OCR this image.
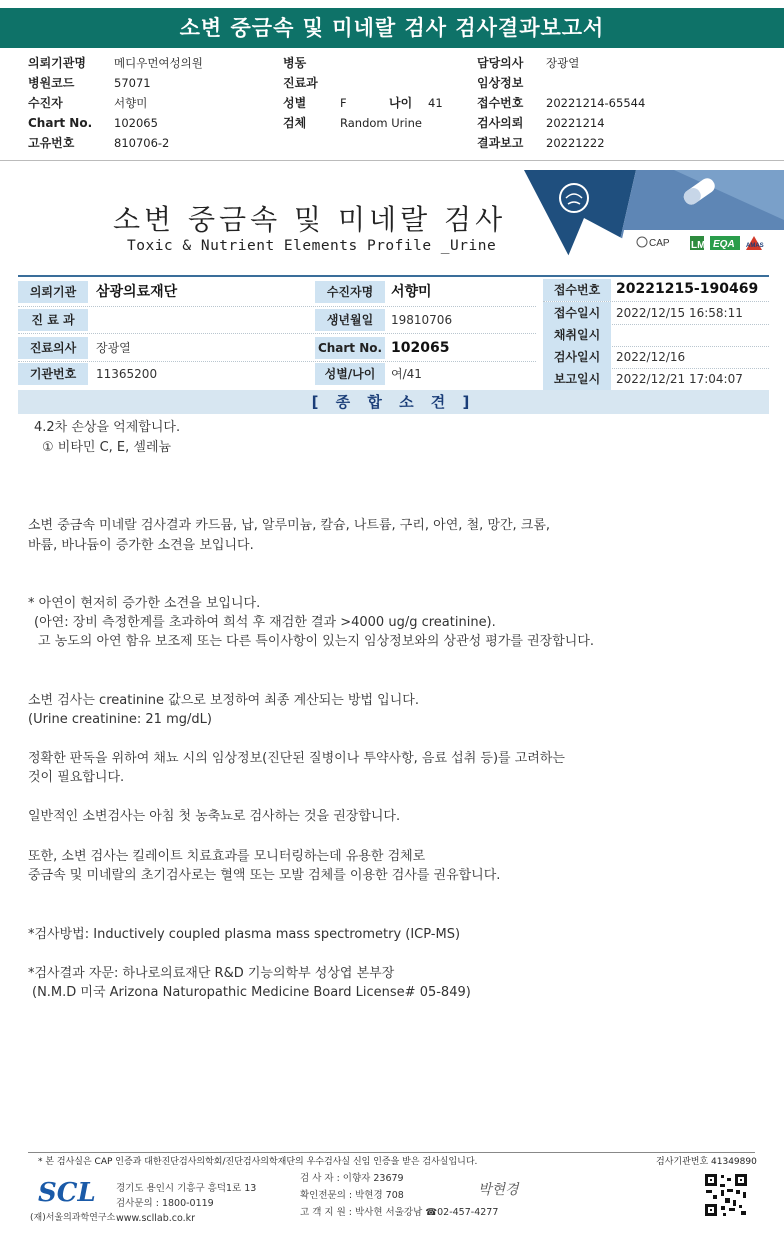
소변 중금속 및 미네랄 검사 검사결과보고서
의뢰기관명 메디우먼여성의원	병동	담당의사 장광열
병원코드	57071	진료과	임상정보
수진자	서향미	성별	F	나이 41	접수번호 20221214-65544
Chart No. 102065	검체	Random Urine	검사의뢰 20221214
고유번호	810706-2	결과보고 20221222
소변 중금속 및 미네랄 검사
Toxic & Nutrient Elements Profile _Urine	CAP LM EQA AMAS
의뢰기관	삼광의료재단
진 료 과
진료의사	장광열
기관번호	11365200
수진자명	서향미
생년월일	19810706
Chart No. 102065
성별/나이	여/41
접수번호	20221215-190469
접수일시	2022/12/15 16:58:11
채취일시
검사일시	2022/12/16
보고일시	2022/12/21 17:04:07
[ 종 합 소 견 ]
4.2차 손상을 억제합니다.
① 비타민 C, E, 셀레늄
소변 중금속 미네랄 검사결과 카드뮴, 납, 알루미늄, 칼슘, 나트륨, 구리, 아연, 철, 망간, 크롬,
바륨, 바나듐이 증가한 소견을 보입니다.
* 아연이 현저히 증가한 소견을 보입니다.
(아연: 장비 측정한계를 초과하여 희석 후 재검한 결과 >4000 ug/g creatinine).
고 농도의 아연 함유 보조제 또는 다른 특이사항이 있는지 임상정보와의 상관성 평가를 권장합니다.
소변 검사는 creatinine 값으로 보정하여 최종 계산되는 방법 입니다.
(Urine creatinine: 21 mg/dL)
정확한 판독을 위하여 채뇨 시의 임상정보(진단된 질병이나 투약사항, 음료 섭취 등)를 고려하는
것이 필요합니다.
일반적인 소변검사는 아침 첫 농축뇨로 검사하는 것을 권장합니다.
또한, 소변 검사는 킬레이트 치료효과를 모니터링하는데 유용한 검체로
중금속 및 미네랄의 초기검사로는 혈액 또는 모발 검체를 이용한 검사를 권유합니다.
*검사방법: Inductively coupled plasma mass spectrometry (ICP-MS)
*검사결과 자문: 하나로의료재단 R&D 기능의학부 성상엽 본부장
(N.M.D 미국 Arizona Naturopathic Medicine Board License# 05-849)
* 본 검사실은 CAP 인증과 대한진단검사의학회/진단검사의학재단의 우수검사실 신임 인증을 받은 검사실입니다.	검사기관번호 41349890
SCL
(재)서울의과학연구소
경기도 용인시 기흥구 흥덕1로 13
검사문의 : 1800-0119
www.scllab.co.kr
검 사 자 : 이향자 23679
확인전문의 : 박현경 708
고 객 지 원 : 박사현 서울강남 ☎02-457-4277
박현경
